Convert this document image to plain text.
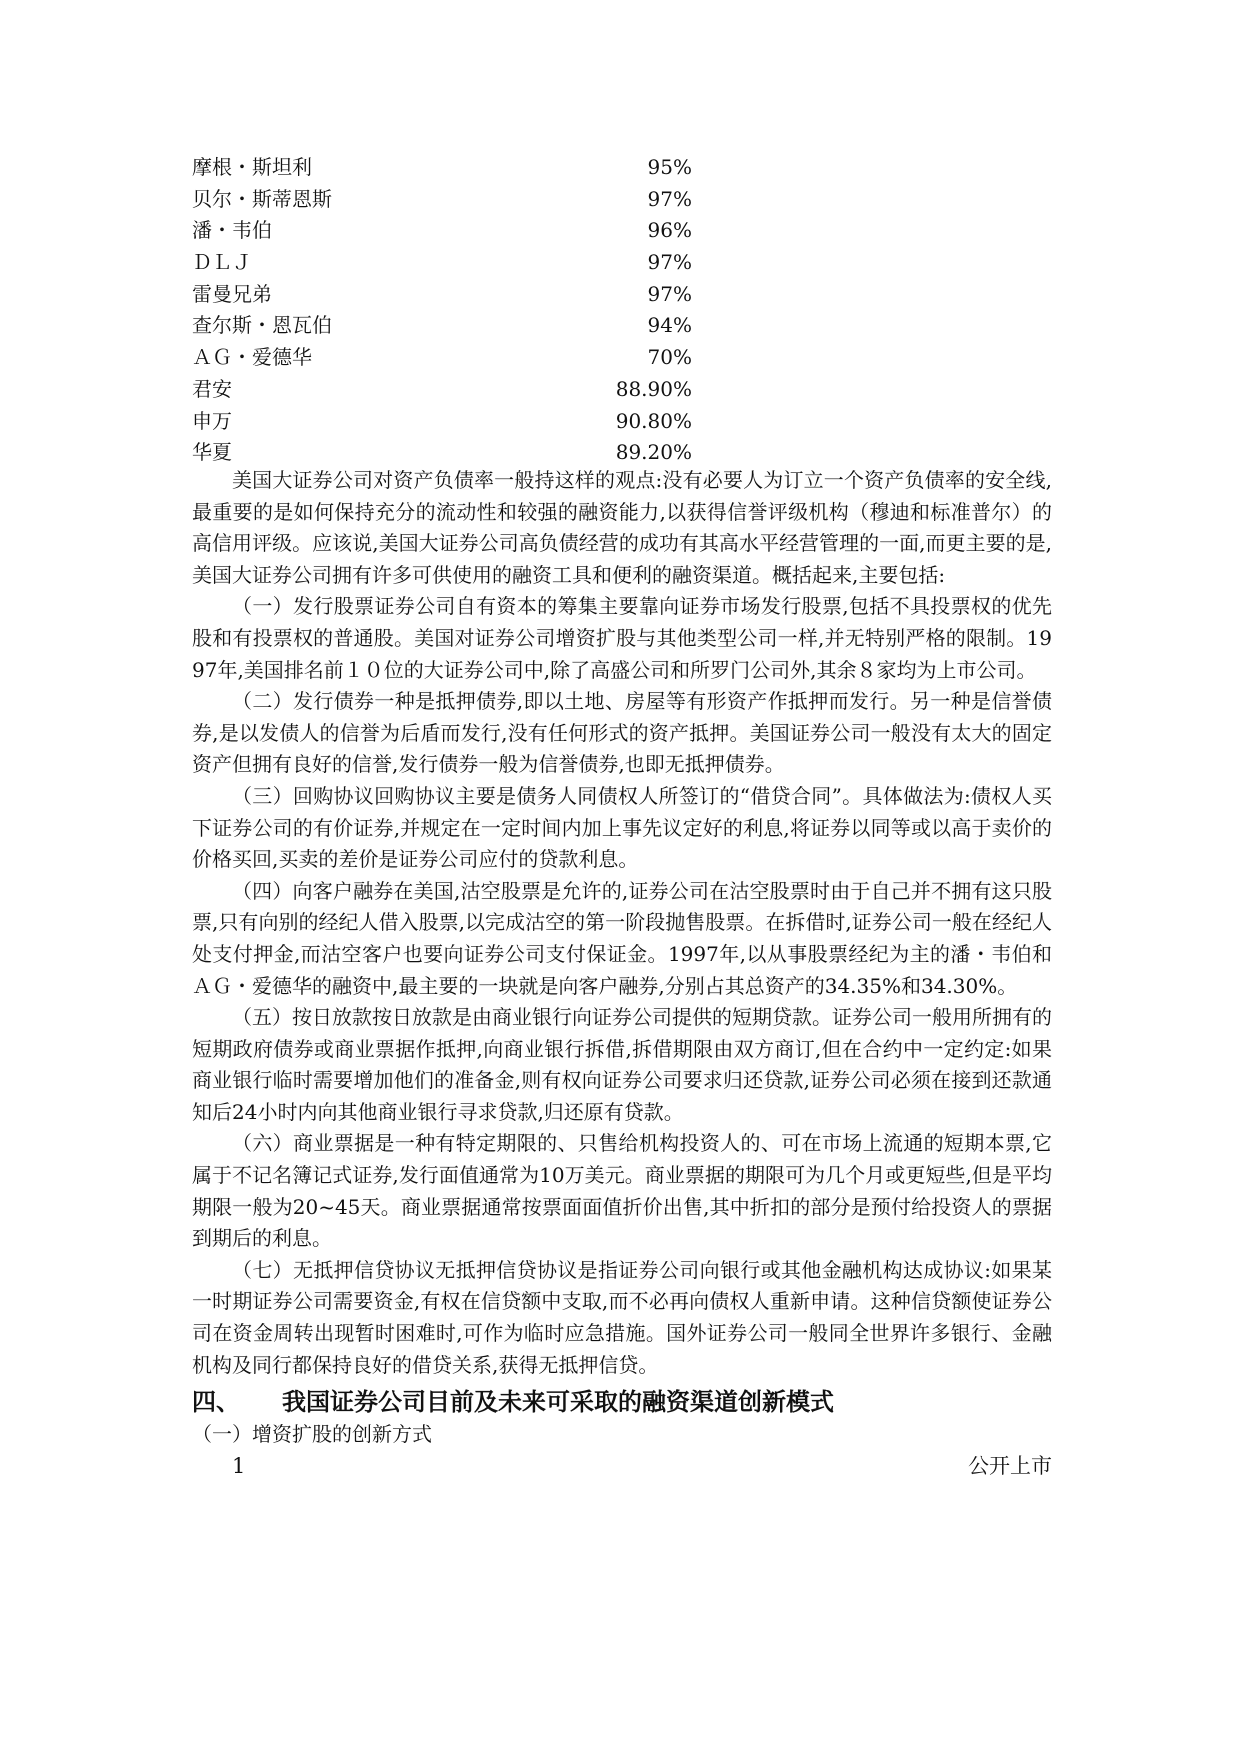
摩根・斯坦利	95%
贝尔・斯蒂恩斯	97%
潘・韦伯	96%
ＤＬＪ	97%
雷曼兄弟	97%
查尔斯・恩瓦伯	94%
ＡＧ・爱德华	70%
君安	88.90%
申万	90.80%
华夏	89.20%

美国大证券公司对资产负债率一般持这样的观点:没有必要人为订立一个资产负债率的安全线,最重要的是如何保持充分的流动性和较强的融资能力,以获得信誉评级机构（穆迪和标准普尔）的高信用评级。应该说,美国大证券公司高负债经营的成功有其高水平经营管理的一面,而更主要的是,美国大证券公司拥有许多可供使用的融资工具和便利的融资渠道。概括起来,主要包括:

（一）发行股票证券公司自有资本的筹集主要靠向证券市场发行股票,包括不具投票权的优先股和有投票权的普通股。美国对证券公司增资扩股与其他类型公司一样,并无特别严格的限制。1997年,美国排名前１０位的大证券公司中,除了高盛公司和所罗门公司外,其余８家均为上市公司。

（二）发行债券一种是抵押债券,即以土地、房屋等有形资产作抵押而发行。另一种是信誉债券,是以发债人的信誉为后盾而发行,没有任何形式的资产抵押。美国证券公司一般没有太大的固定资产但拥有良好的信誉,发行债券一般为信誉债券,也即无抵押债券。

（三）回购协议回购协议主要是债务人同债权人所签订的“借贷合同”。具体做法为:债权人买下证券公司的有价证券,并规定在一定时间内加上事先议定好的利息,将证券以同等或以高于卖价的价格买回,买卖的差价是证券公司应付的贷款利息。

（四）向客户融券在美国,沽空股票是允许的,证券公司在沽空股票时由于自己并不拥有这只股票,只有向别的经纪人借入股票,以完成沽空的第一阶段抛售股票。在拆借时,证券公司一般在经纪人处支付押金,而沽空客户也要向证券公司支付保证金。1997年,以从事股票经纪为主的潘・韦伯和ＡＧ・爱德华的融资中,最主要的一块就是向客户融券,分别占其总资产的34.35%和34.30%。

（五）按日放款按日放款是由商业银行向证券公司提供的短期贷款。证券公司一般用所拥有的短期政府债券或商业票据作抵押,向商业银行拆借,拆借期限由双方商订,但在合约中一定约定:如果商业银行临时需要增加他们的准备金,则有权向证券公司要求归还贷款,证券公司必须在接到还款通知后24小时内向其他商业银行寻求贷款,归还原有贷款。

（六）商业票据是一种有特定期限的、只售给机构投资人的、可在市场上流通的短期本票,它属于不记名簿记式证券,发行面值通常为10万美元。商业票据的期限可为几个月或更短些,但是平均期限一般为20~45天。商业票据通常按票面面值折价出售,其中折扣的部分是预付给投资人的票据到期后的利息。

（七）无抵押信贷协议无抵押信贷协议是指证券公司向银行或其他金融机构达成协议:如果某一时期证券公司需要资金,有权在信贷额中支取,而不必再向债权人重新申请。这种信贷额使证券公司在资金周转出现暂时困难时,可作为临时应急措施。国外证券公司一般同全世界许多银行、金融机构及同行都保持良好的借贷关系,获得无抵押信贷。

四、 我国证券公司目前及未来可采取的融资渠道创新模式

（一）增资扩股的创新方式

1	公开上市
